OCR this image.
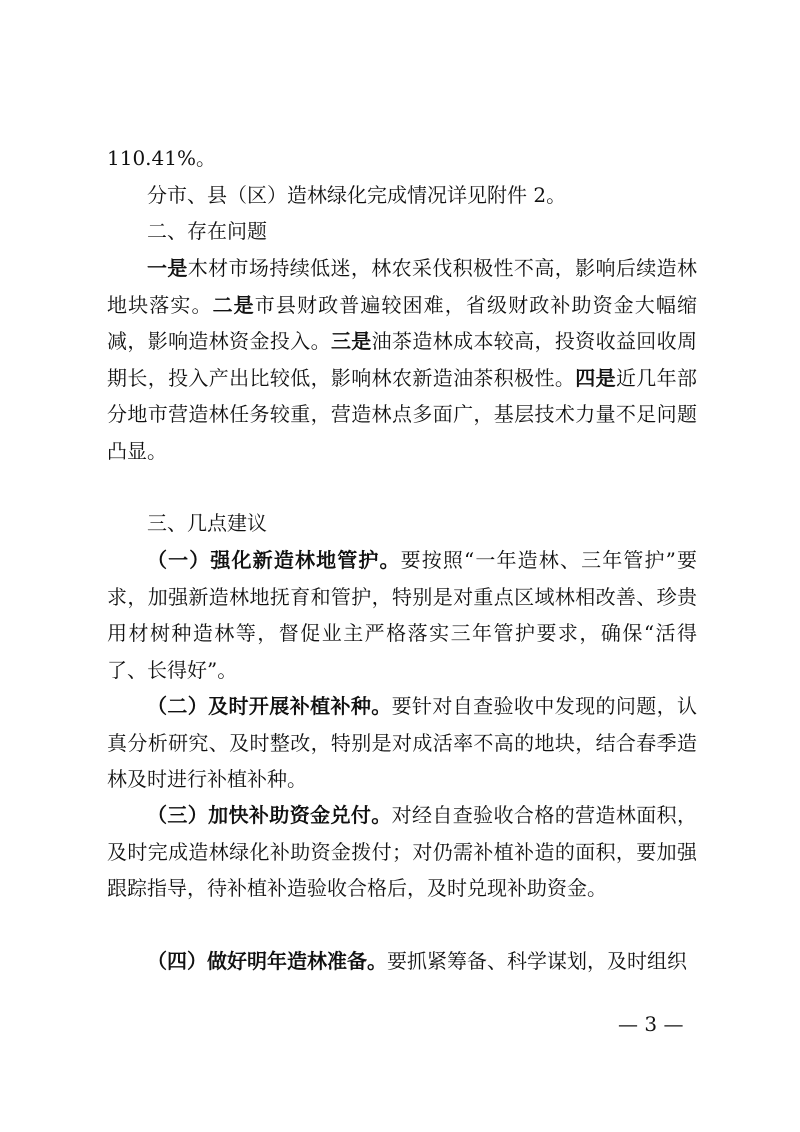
110.41%。

分市、县（区）造林绿化完成情况详见附件 2。

二、存在问题

一是木材市场持续低迷，林农采伐积极性不高，影响后续造林地块落实。二是市县财政普遍较困难，省级财政补助资金大幅缩减，影响造林资金投入。三是油茶造林成本较高，投资收益回收周期长，投入产出比较低，影响林农新造油茶积极性。四是近几年部分地市营造林任务较重，营造林点多面广，基层技术力量不足问题凸显。

三、几点建议

（一）强化新造林地管护。要按照“一年造林、三年管护”要求，加强新造林地抚育和管护，特别是对重点区域林相改善、珍贵用材树种造林等，督促业主严格落实三年管护要求，确保“活得了、长得好”。

（二）及时开展补植补种。要针对自查验收中发现的问题，认真分析研究、及时整改，特别是对成活率不高的地块，结合春季造林及时进行补植补种。

（三）加快补助资金兑付。对经自查验收合格的营造林面积，及时完成造林绿化补助资金拨付；对仍需补植补造的面积，要加强跟踪指导，待补植补造验收合格后，及时兑现补助资金。

（四）做好明年造林准备。要抓紧筹备、科学谋划，及时组织

— 3 —
